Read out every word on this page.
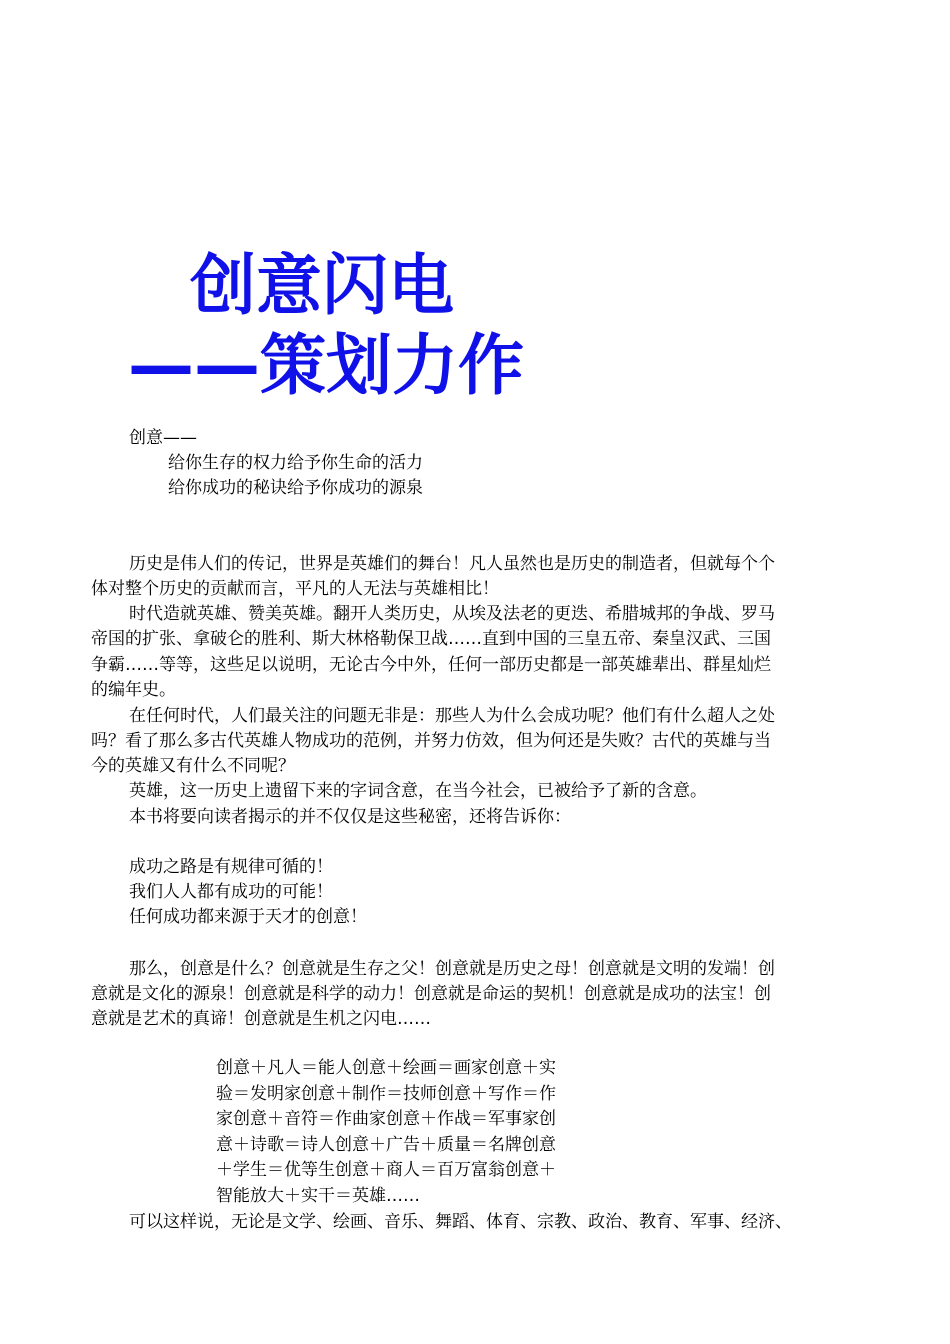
创意闪电
——策划力作

创意——

给你生存的权力给予你生命的活力

给你成功的秘诀给予你成功的源泉

历史是伟人们的传记，世界是英雄们的舞台！凡人虽然也是历史的制造者，但就每个个

体对整个历史的贡献而言，平凡的人无法与英雄相比！

时代造就英雄、赞美英雄。翻开人类历史，从埃及法老的更迭、希腊城邦的争战、罗马

帝国的扩张、拿破仑的胜利、斯大林格勒保卫战……直到中国的三皇五帝、秦皇汉武、三国

争霸……等等，这些足以说明，无论古今中外，任何一部历史都是一部英雄辈出、群星灿烂

的编年史。

在任何时代，人们最关注的问题无非是：那些人为什么会成功呢？他们有什么超人之处

吗？看了那么多古代英雄人物成功的范例，并努力仿效，但为何还是失败？古代的英雄与当

今的英雄又有什么不同呢？

英雄，这一历史上遗留下来的字词含意，在当今社会，已被给予了新的含意。

本书将要向读者揭示的并不仅仅是这些秘密，还将告诉你：

成功之路是有规律可循的！

我们人人都有成功的可能！

任何成功都来源于天才的创意！

那么，创意是什么？创意就是生存之父！创意就是历史之母！创意就是文明的发端！创

意就是文化的源泉！创意就是科学的动力！创意就是命运的契机！创意就是成功的法宝！创

意就是艺术的真谛！创意就是生机之闪电……

创意＋凡人＝能人创意＋绘画＝画家创意＋实
验＝发明家创意＋制作＝技师创意＋写作＝作
家创意＋音符＝作曲家创意＋作战＝军事家创
意＋诗歌＝诗人创意＋广告＋质量＝名牌创意
＋学生＝优等生创意＋商人＝百万富翁创意＋
智能放大＋实干＝英雄……

可以这样说，无论是文学、绘画、音乐、舞蹈、体育、宗教、政治、教育、军事、经济、
